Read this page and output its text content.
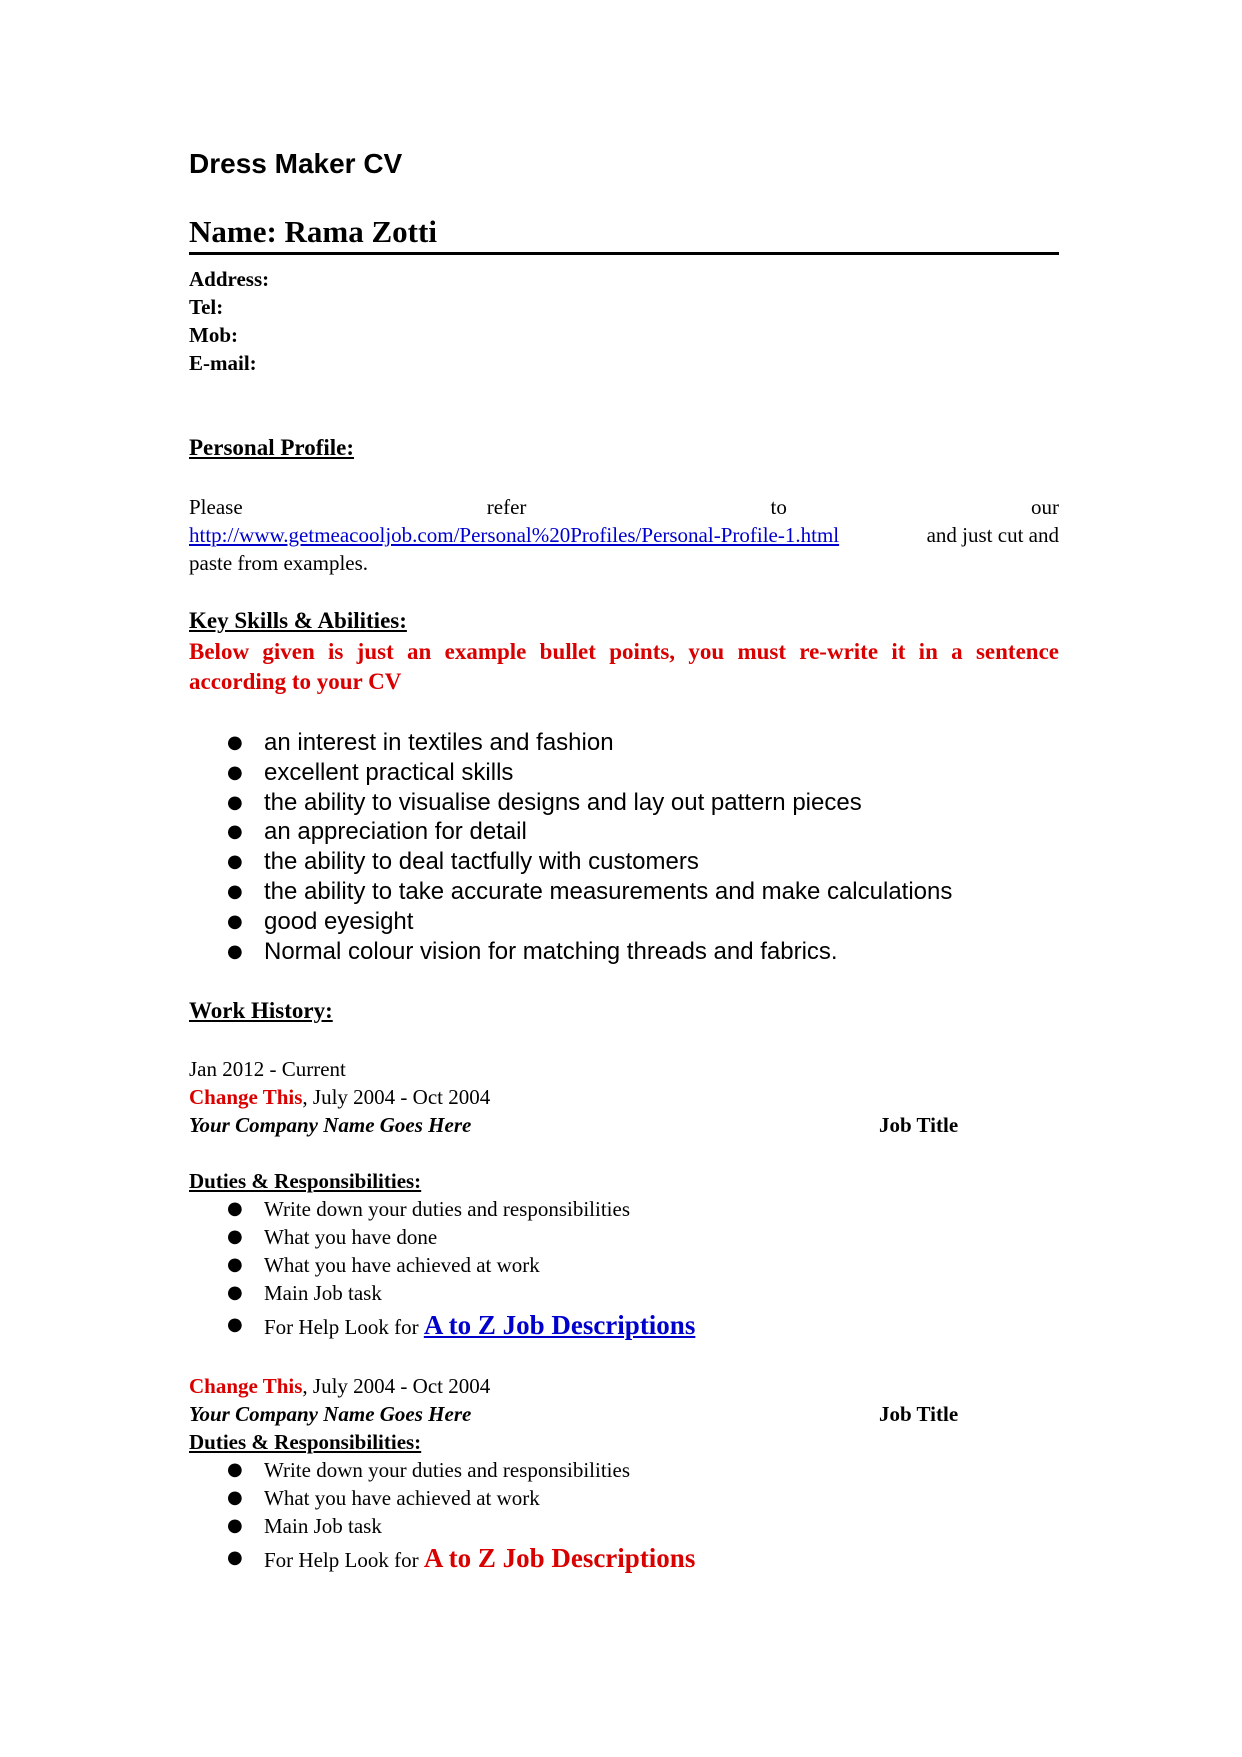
Dress Maker CV
Name: Rama Zotti
Address:
Tel:
Mob:
E-mail:
Personal Profile:
Please	refer	to	our
http://www.getmeacooljob.com/Personal%20Profiles/Personal-Profile-1.html	and just cut and
paste from examples.
Key Skills & Abilities:
Below given is just an example bullet points, you must re-write it in a sentence
according to your CV
● an interest in textiles and fashion
● excellent practical skills
● the ability to visualise designs and lay out pattern pieces
● an appreciation for detail
● the ability to deal tactfully with customers
● the ability to take accurate measurements and make calculations
● good eyesight
● Normal colour vision for matching threads and fabrics.
Work History:
Jan 2012 - Current
Change This, July 2004 - Oct 2004
Your Company Name Goes Here	Job Title
Duties & Responsibilities:
● Write down your duties and responsibilities
● What you have done
● What you have achieved at work
● Main Job task
● For Help Look for A to Z Job Descriptions
Change This, July 2004 - Oct 2004
Your Company Name Goes Here	Job Title
Duties & Responsibilities:
● Write down your duties and responsibilities
● What you have achieved at work
● Main Job task
● For Help Look for A to Z Job Descriptions
